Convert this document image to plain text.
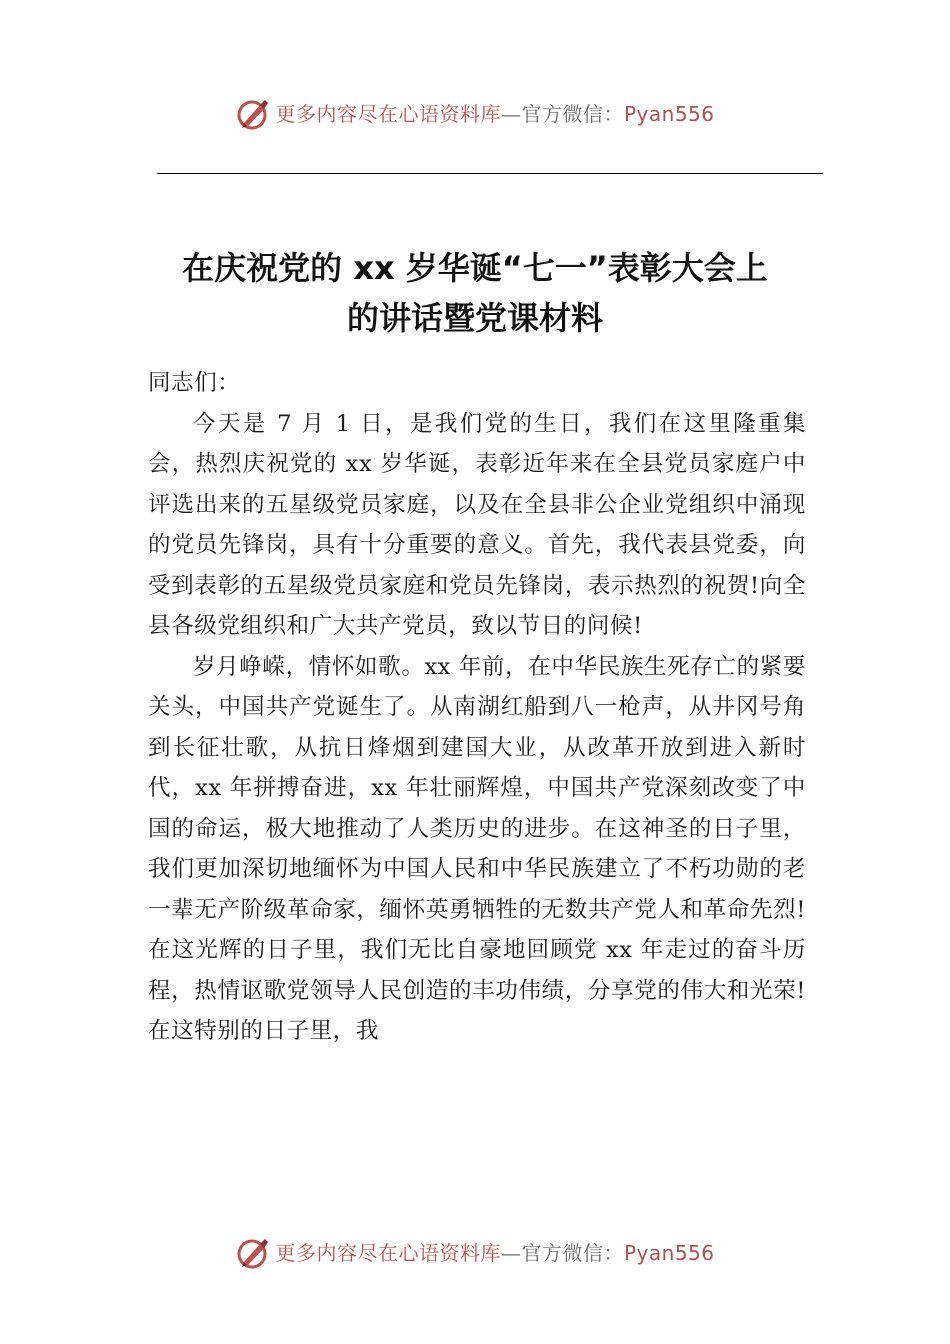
更多内容尽在心语资料库—官方微信：Pyan556
在庆祝党的 xx 岁华诞“七一”表彰大会上
的讲话暨党课材料

同志们：

今天是 7 月 1 日，是我们党的生日，我们在这里隆重集会，热烈庆祝党的 xx 岁华诞，表彰近年来在全县党员家庭户中评选出来的五星级党员家庭，以及在全县非公企业党组织中涌现的党员先锋岗，具有十分重要的意义。首先，我代表县党委，向受到表彰的五星级党员家庭和党员先锋岗，表示热烈的祝贺!向全县各级党组织和广大共产党员，致以节日的问候!

岁月峥嵘，情怀如歌。xx 年前，在中华民族生死存亡的紧要关头，中国共产党诞生了。从南湖红船到八一枪声，从井冈号角到长征壮歌，从抗日烽烟到建国大业，从改革开放到进入新时代，xx 年拼搏奋进，xx 年壮丽辉煌，中国共产党深刻改变了中国的命运，极大地推动了人类历史的进步。在这神圣的日子里，我们更加深切地缅怀为中国人民和中华民族建立了不朽功勋的老一辈无产阶级革命家，缅怀英勇牺牲的无数共产党人和革命先烈!在这光辉的日子里，我们无比自豪地回顾党 xx 年走过的奋斗历程，热情讴歌党领导人民创造的丰功伟绩，分享党的伟大和光荣!在这特别的日子里，我

更多内容尽在心语资料库—官方微信：Pyan556
